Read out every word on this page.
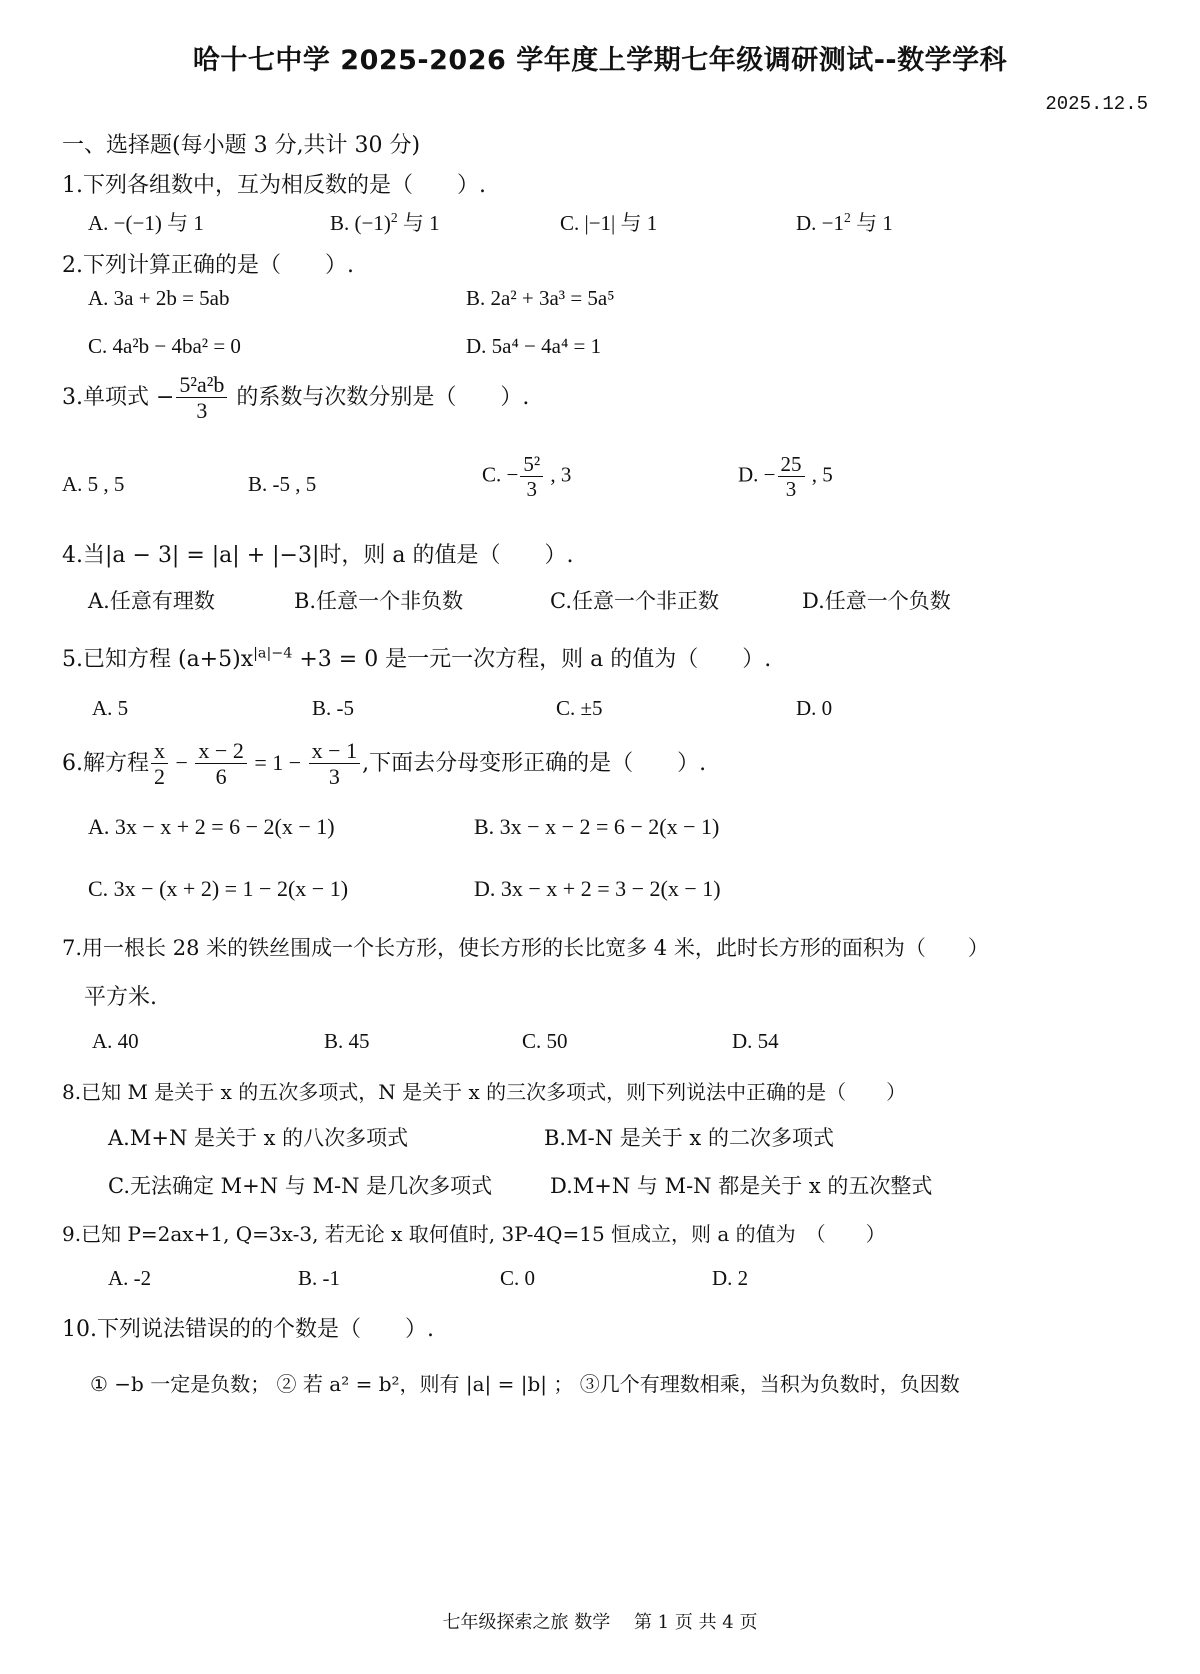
哈十七中学 2025-2026 学年度上学期七年级调研测试--数学学科
2025.12.5
一、选择题(每小题 3 分,共计 30 分)
1.下列各组数中，互为相反数的是（　　）.
A. −(−1) 与 1	B. $(-1)^2$ 与 1	C. |−1| 与 1	D. $-1^2$ 与 1
2.下列计算正确的是（　　）.
A. 3a + 2b = 5ab	B. 2a² + 3a³ = 5a⁵
C. 4a²b − 4ba² = 0	D. 5a⁴ − 4a⁴ = 1
3.单项式 − $\frac{\text{5²a²b}}{3}$ 的系数与次数分别是（　　）.
A. 5 , 5	B. -5 , 5	C. − $\frac{\text{5²}}{3}$ , 3	D. − $\frac{25}{3}$ , 5
4.当|a − 3| = |a| + |−3|时，则 a 的值是（　　）.
A.任意有理数	B.任意一个非负数	C.任意一个非正数	D.任意一个负数
5.已知方程 $(a+5)x^{|a|-4} +3 = 0$ 是一元一次方程，则 a 的值为（　　）.
A. 5	B. -5	C. ±5	D. 0
6.解方程 $\frac{x}{2} - \frac{x - 2}{6} = 1 - \frac{x - 1}{3}$ ,下面去分母变形正确的是（　　）.
A. 3x − x + 2 = 6 − 2(x − 1)	B. 3x − x − 2 = 6 − 2(x − 1)
C. 3x − (x + 2) = 1 − 2(x − 1)	D. 3x − x + 2 = 3 − 2(x − 1)
7.用一根长 28 米的铁丝围成一个长方形，使长方形的长比宽多 4 米，此时长方形的面积为（　　）
平方米.
A. 40	B. 45	C. 50	D. 54
8.已知 M 是关于 x 的五次多项式，N 是关于 x 的三次多项式，则下列说法中正确的是（　　）
A.M+N 是关于 x 的八次多项式	B.M-N 是关于 x 的二次多项式
C.无法确定 M+N 与 M-N 是几次多项式	D.M+N 与 M-N 都是关于 x 的五次整式
9.已知 P=2ax+1, Q=3x-3, 若无论 x 取何值时, 3P-4Q=15 恒成立，则 a 的值为　（　　）
A. -2	B. -1	C. 0	D. 2
10.下列说法错误的的个数是（　　）.
① −b 一定是负数； ② 若 a² = b²，则有 |a| = |b| ； ③几个有理数相乘，当积为负数时，负因数
七年级探索之旅 数学　 第 1 页 共 4 页
